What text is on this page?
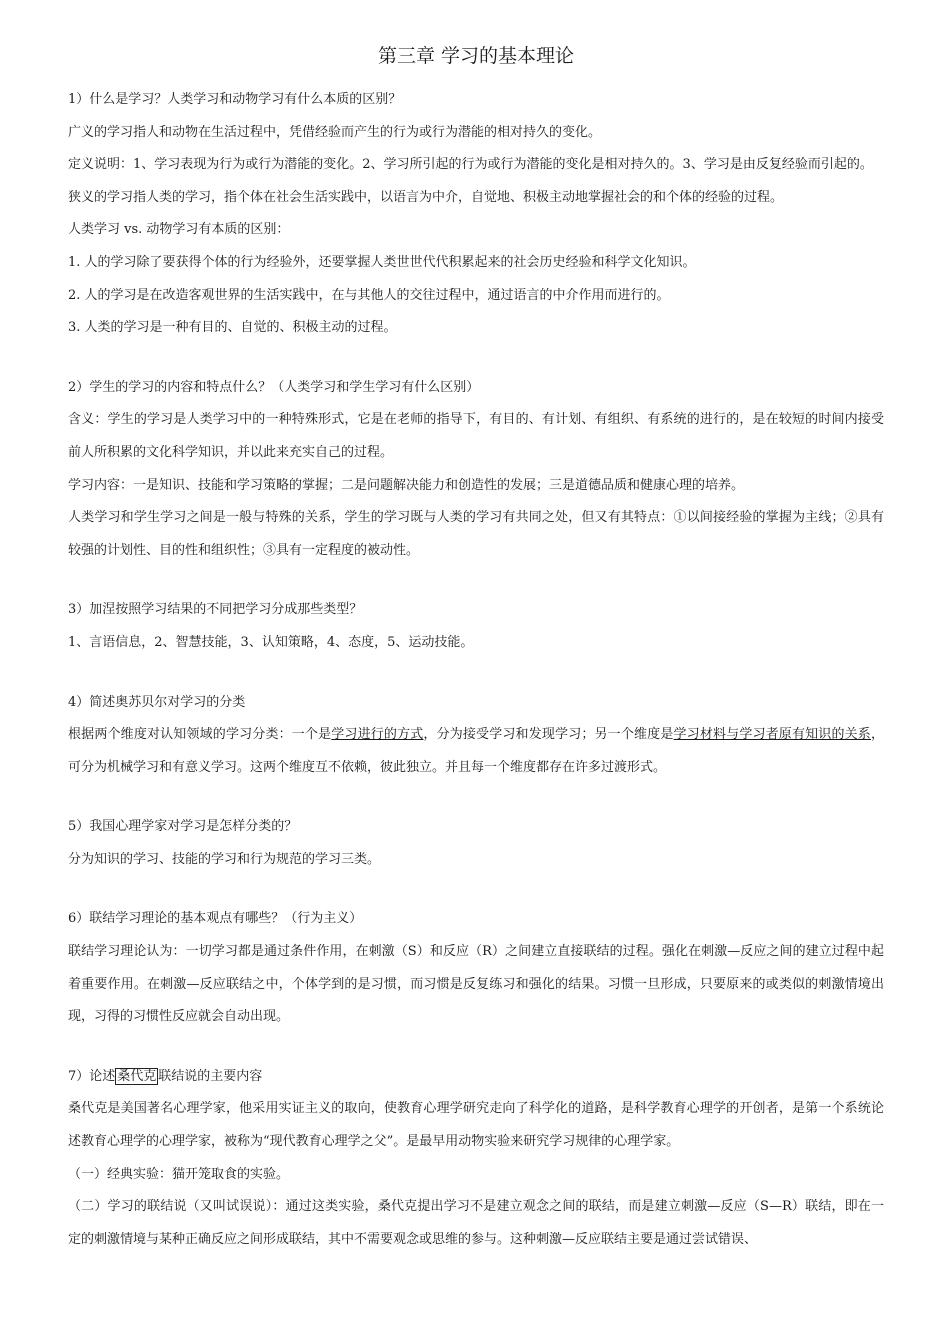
第三章 学习的基本理论

1）什么是学习？人类学习和动物学习有什么本质的区别？

广义的学习指人和动物在生活过程中，凭借经验而产生的行为或行为潜能的相对持久的变化。

定义说明：1、学习表现为行为或行为潜能的变化。2、学习所引起的行为或行为潜能的变化是相对持久的。3、学习是由反复经验而引起的。

狭义的学习指人类的学习，指个体在社会生活实践中，以语言为中介，自觉地、积极主动地掌握社会的和个体的经验的过程。

人类学习 vs. 动物学习有本质的区别：

1. 人的学习除了要获得个体的行为经验外，还要掌握人类世世代代积累起来的社会历史经验和科学文化知识。

2. 人的学习是在改造客观世界的生活实践中，在与其他人的交往过程中，通过语言的中介作用而进行的。

3. 人类的学习是一种有目的、自觉的、积极主动的过程。

2）学生的学习的内容和特点什么？（人类学习和学生学习有什么区别）

含义：学生的学习是人类学习中的一种特殊形式，它是在老师的指导下，有目的、有计划、有组织、有系统的进行的，是在较短的时间内接受前人所积累的文化科学知识，并以此来充实自己的过程。

学习内容：一是知识、技能和学习策略的掌握；二是问题解决能力和创造性的发展；三是道德品质和健康心理的培养。

人类学习和学生学习之间是一般与特殊的关系，学生的学习既与人类的学习有共同之处，但又有其特点：①以间接经验的掌握为主线；②具有较强的计划性、目的性和组织性；③具有一定程度的被动性。

3）加涅按照学习结果的不同把学习分成那些类型？

1、言语信息，2、智慧技能，3、认知策略，4、态度，5、运动技能。

4）简述奥苏贝尔对学习的分类

根据两个维度对认知领域的学习分类：一个是学习进行的方式，分为接受学习和发现学习；另一个维度是学习材料与学习者原有知识的关系，可分为机械学习和有意义学习。这两个维度互不依赖，彼此独立。并且每一个维度都存在许多过渡形式。

5）我国心理学家对学习是怎样分类的？

分为知识的学习、技能的学习和行为规范的学习三类。

6）联结学习理论的基本观点有哪些？（行为主义）

联结学习理论认为：一切学习都是通过条件作用，在刺激（S）和反应（R）之间建立直接联结的过程。强化在刺激—反应之间的建立过程中起着重要作用。在刺激—反应联结之中，个体学到的是习惯，而习惯是反复练习和强化的结果。习惯一旦形成，只要原来的或类似的刺激情境出现，习得的习惯性反应就会自动出现。

7）论述 桑代克 联结说的主要内容

桑代克是美国著名心理学家，他采用实证主义的取向，使教育心理学研究走向了科学化的道路，是科学教育心理学的开创者，是第一个系统论述教育心理学的心理学家，被称为“现代教育心理学之父”。是最早用动物实验来研究学习规律的心理学家。

（一）经典实验：猫开笼取食的实验。

（二）学习的联结说（又叫试误说）：通过这类实验，桑代克提出学习不是建立观念之间的联结，而是建立刺激—反应（S—R）联结，即在一定的刺激情境与某种正确反应之间形成联结，其中不需要观念或思维的参与。这种刺激—反应联结主要是通过尝试错误、
